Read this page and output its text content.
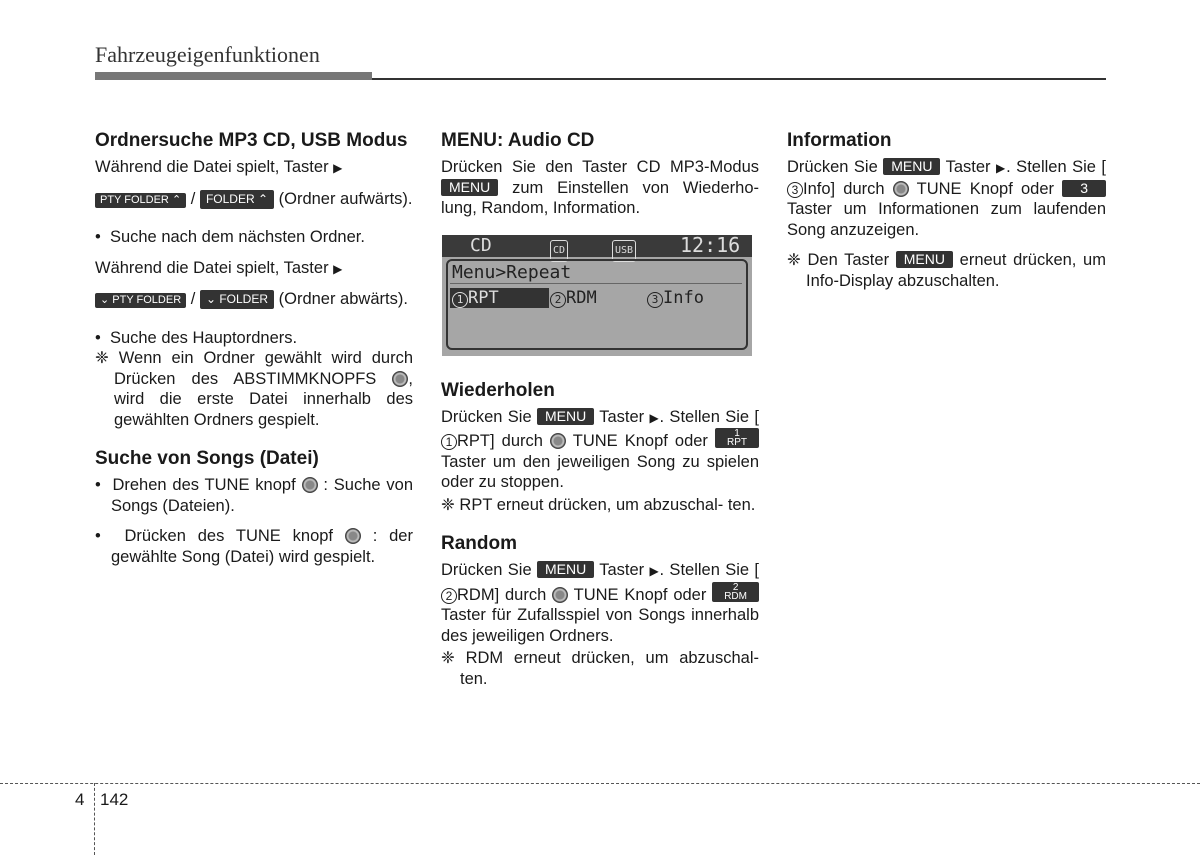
Fahrzeugeigenfunktionen
Ordnersuche MP3 CD, USB Modus

Während die Datei spielt, Taster ▶

PTY FOLDER ⌃ / FOLDER ⌃ (Ordner aufwärts).

• Suche nach dem nächsten Ordner.

Während die Datei spielt, Taster ▶

⌄ PTY FOLDER / ⌄ FOLDER (Ordner abwärts).

• Suche des Hauptordners.

❈ Wenn ein Ordner gewählt wird durch Drücken des ABSTIMMKNOPFS , wird die erste Datei innerhalb des gewählten Ordners gespielt.

Suche von Songs (Datei)

• Drehen des TUNE knopf : Suche von Songs (Dateien).

• Drücken des TUNE knopf : der gewählte Song (Datei) wird gespielt.

MENU: Audio CD

Drücken Sie den Taster CD MP3-Modus MENU zum Einstellen von Wiederho- lung, Random, Information.

CD	CD	USB 12:16
Menu>Repeat
1 RPT	2 RDM	3 Info
Wiederholen

Drücken Sie MENU Taster ▶. Stellen Sie [1 RPT] durch TUNE Knopf oder	1
RPT Taster um den jeweiligen Song zu spielen oder zu stoppen.

❈ RPT erneut drücken, um abzuschal- ten.

Random

Drücken Sie MENU Taster ▶. Stellen Sie [2 RDM] durch TUNE Knopf oder	2
RDM Taster für Zufallsspiel von Songs innerhalb des jeweiligen Ordners.

❈ RDM erneut drücken, um abzuschal- ten.

Information

Drücken Sie MENU Taster ▶. Stellen Sie [3 Info] durch TUNE Knopf oder 3 Taster um Informationen zum laufenden Song anzuzeigen.

❈ Den Taster MENU erneut drücken, um Info-Display abzuschalten.

4 142
